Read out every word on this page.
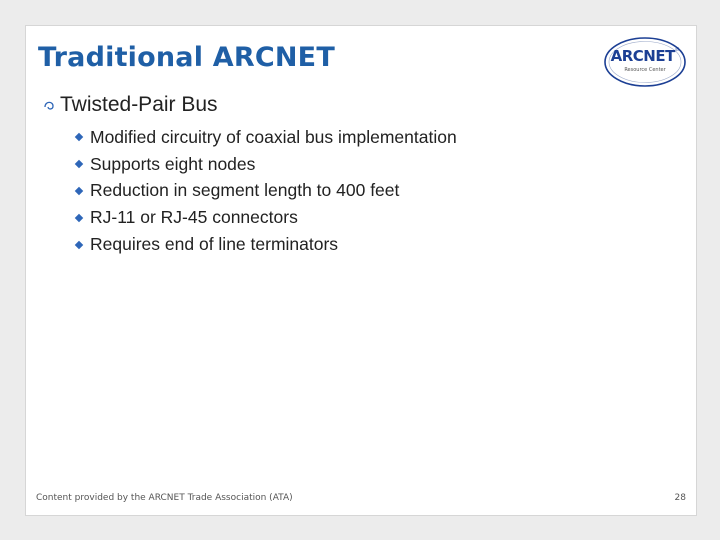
Traditional ARCNET	ARCNET®
Resource Center
Twisted-Pair Bus
Modified circuitry of coaxial bus implementation
Supports eight nodes
Reduction in segment length to 400 feet
RJ-11 or RJ-45 connectors
Requires end of line terminators
Content provided by the ARCNET Trade Association (ATA)	28
